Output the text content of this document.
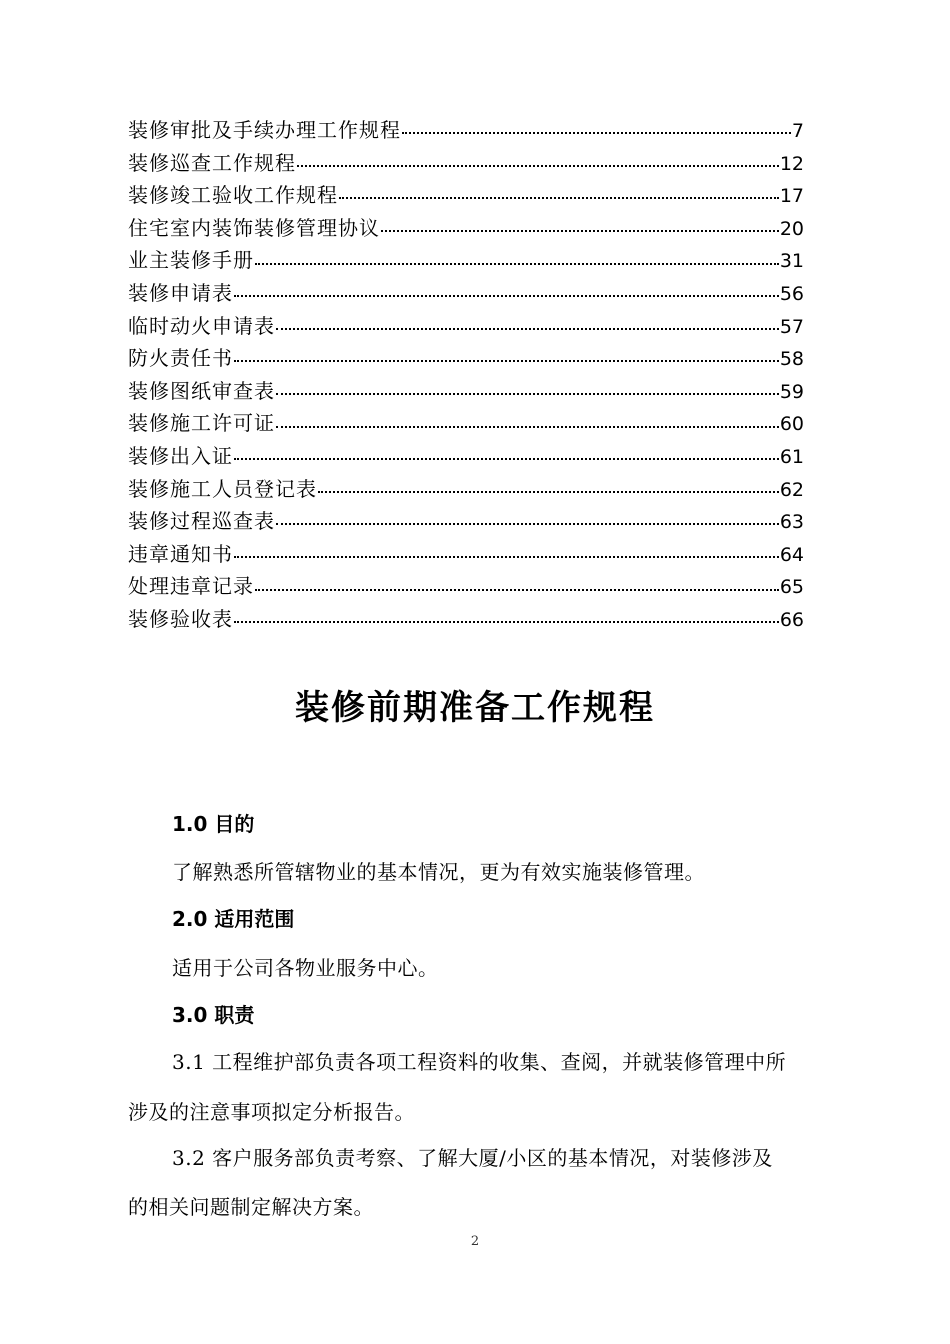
装修审批及手续办理工作规程	7
装修巡查工作规程	12
装修竣工验收工作规程	17
住宅室内装饰装修管理协议	20
业主装修手册	31
装修申请表	56
临时动火申请表	57
防火责任书	58
装修图纸审查表	59
装修施工许可证	60
装修出入证	61
装修施工人员登记表	62
装修过程巡查表	63
违章通知书	64
处理违章记录	65
装修验收表	66
装修前期准备工作规程
1.0 目的
了解熟悉所管辖物业的基本情况，更为有效实施装修管理。
2.0 适用范围
适用于公司各物业服务中心。
3.0 职责
3.1 工程维护部负责各项工程资料的收集、查阅，并就装修管理中所
涉及的注意事项拟定分析报告。
3.2 客户服务部负责考察、了解大厦/小区的基本情况，对装修涉及
的相关问题制定解决方案。
2
